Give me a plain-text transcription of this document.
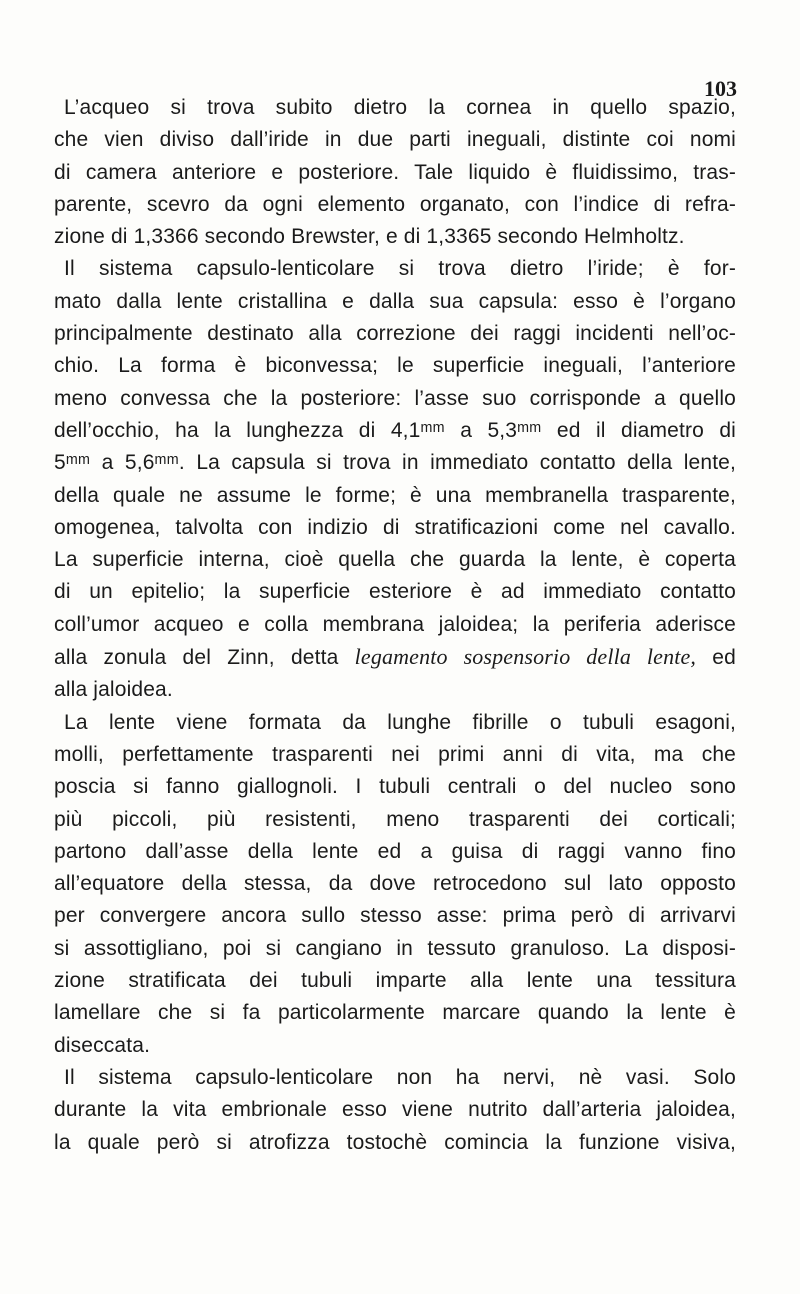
103
L’acqueo si trova subito dietro la cornea in quello spazio,
che vien diviso dall’iride in due parti ineguali, distinte coi nomi
di camera anteriore e posteriore. Tale liquido è fluidissimo, tras-
parente, scevro da ogni elemento organato, con l’indice di refra-
zione di 1,3366 secondo Brewster, e di 1,3365 secondo Helmholtz.
Il sistema capsulo-lenticolare si trova dietro l’iride; è for-
mato dalla lente cristallina e dalla sua capsula: esso è l’organo
principalmente destinato alla correzione dei raggi incidenti nell’oc-
chio. La forma è biconvessa; le superficie ineguali, l’anteriore
meno convessa che la posteriore: l’asse suo corrisponde a quello
dell’occhio, ha la lunghezza di 4,1ᵐᵐ a 5,3ᵐᵐ ed il diametro di
5ᵐᵐ a 5,6ᵐᵐ. La capsula si trova in immediato contatto della lente,
della quale ne assume le forme; è una membranella trasparente,
omogenea, talvolta con indizio di stratificazioni come nel cavallo.
La superficie interna, cioè quella che guarda la lente, è coperta
di un epitelio; la superficie esteriore è ad immediato contatto
coll’umor acqueo e colla membrana jaloidea; la periferia aderisce
alla zonula del Zinn, detta legamento sospensorio della lente, ed
alla jaloidea.
La lente viene formata da lunghe fibrille o tubuli esagoni,
molli, perfettamente trasparenti nei primi anni di vita, ma che
poscia si fanno giallognoli. I tubuli centrali o del nucleo sono
più piccoli, più resistenti, meno trasparenti dei corticali;
partono dall’asse della lente ed a guisa di raggi vanno fino
all’equatore della stessa, da dove retrocedono sul lato opposto
per convergere ancora sullo stesso asse: prima però di arrivarvi
si assottigliano, poi si cangiano in tessuto granuloso. La disposi-
zione stratificata dei tubuli imparte alla lente una tessitura
lamellare che si fa particolarmente marcare quando la lente è
diseccata.
Il sistema capsulo-lenticolare non ha nervi, nè vasi. Solo
durante la vita embrionale esso viene nutrito dall’arteria jaloidea,
la quale però si atrofizza tostochè comincia la funzione visiva,
